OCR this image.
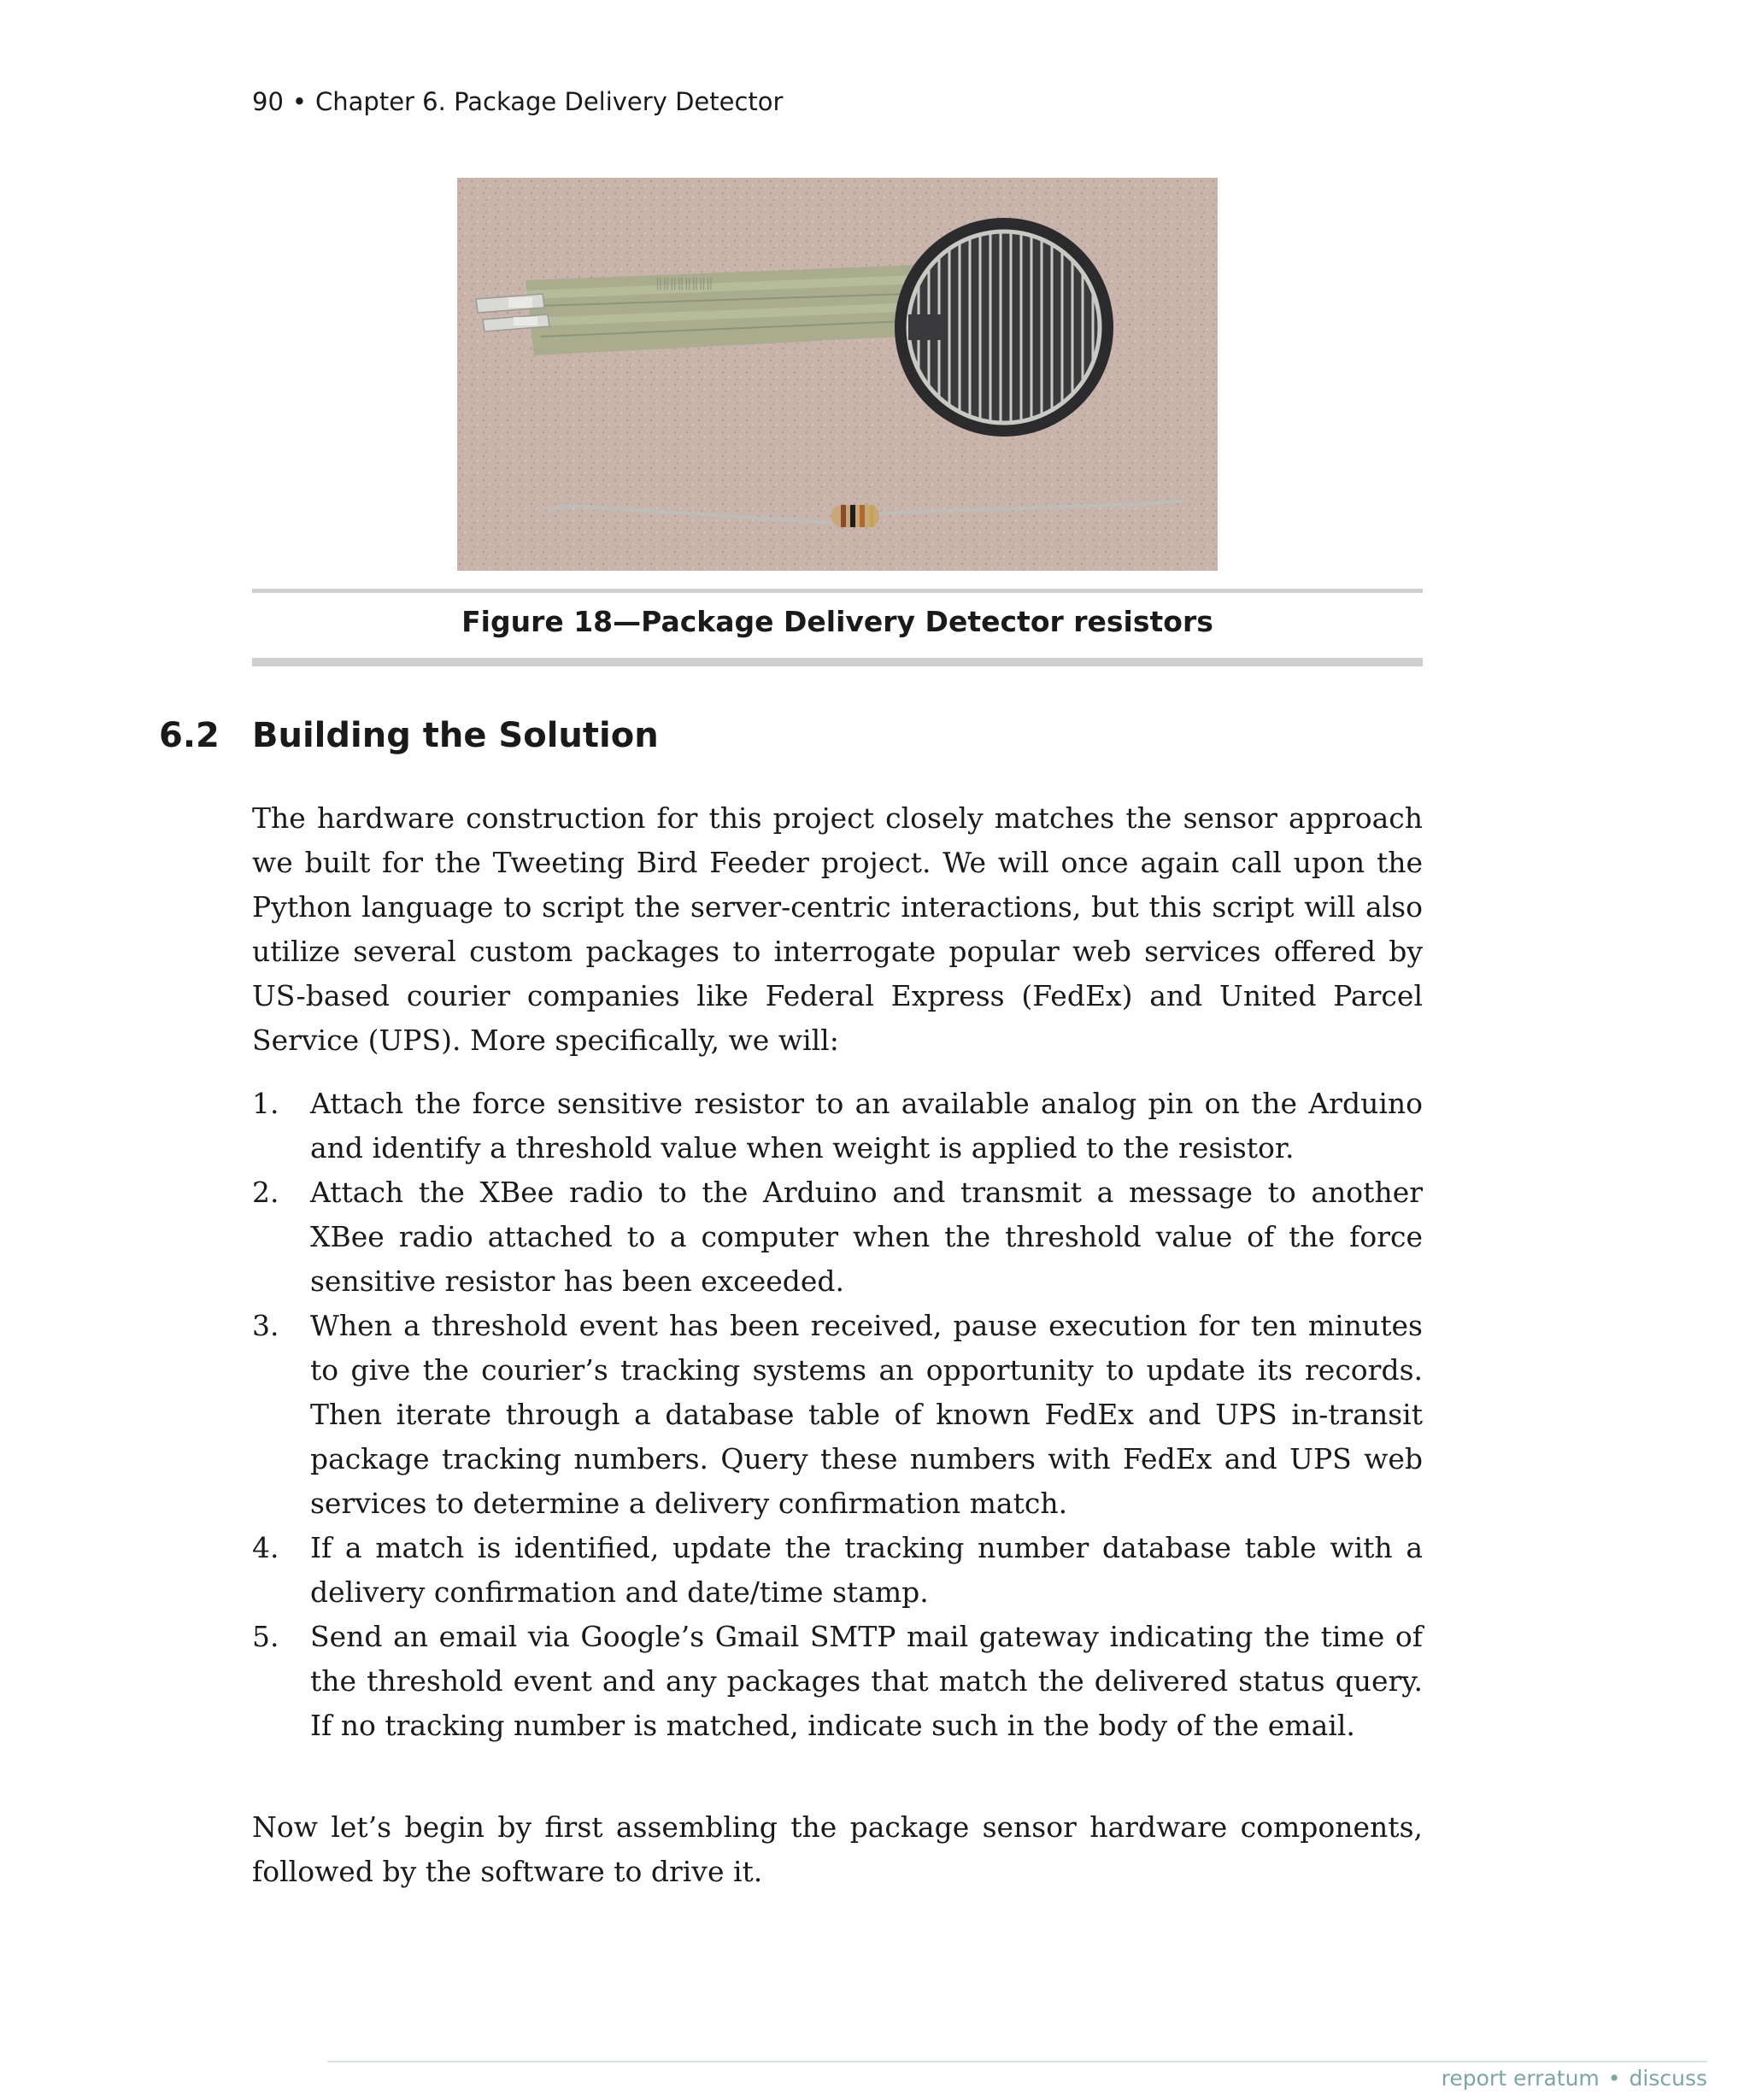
90 • Chapter 6. Package Delivery Detector
‖‖‖‖‖‖‖‖
Figure 18—Package Delivery Detector resistors
6.2 Building the Solution

The hardware construction for this project closely matches the sensor approach we built for the Tweeting Bird Feeder project. We will once again call upon the Python language to script the server-centric interactions, but this script will also utilize several custom packages to interrogate popular web services offered by US-based courier companies like Federal Express (FedEx) and United Parcel Service (UPS). More specifically, we will:

1. Attach the force sensitive resistor to an available analog pin on the Arduino and identify a threshold value when weight is applied to the resistor.
2. Attach the XBee radio to the Arduino and transmit a message to another XBee radio attached to a computer when the threshold value of the force sensitive resistor has been exceeded.
3. When a threshold event has been received, pause execution for ten minutes to give the courier’s tracking systems an opportunity to update its records. Then iterate through a database table of known FedEx and UPS in-transit package tracking numbers. Query these numbers with FedEx and UPS web services to determine a delivery confirmation match.
4. If a match is identified, update the tracking number database table with a delivery confirmation and date/time stamp.
5. Send an email via Google’s Gmail SMTP mail gateway indicating the time of the threshold event and any packages that match the delivered status query. If no tracking number is matched, indicate such in the body of the email.

Now let’s begin by first assembling the package sensor hardware components, followed by the software to drive it.

report erratum • discuss
